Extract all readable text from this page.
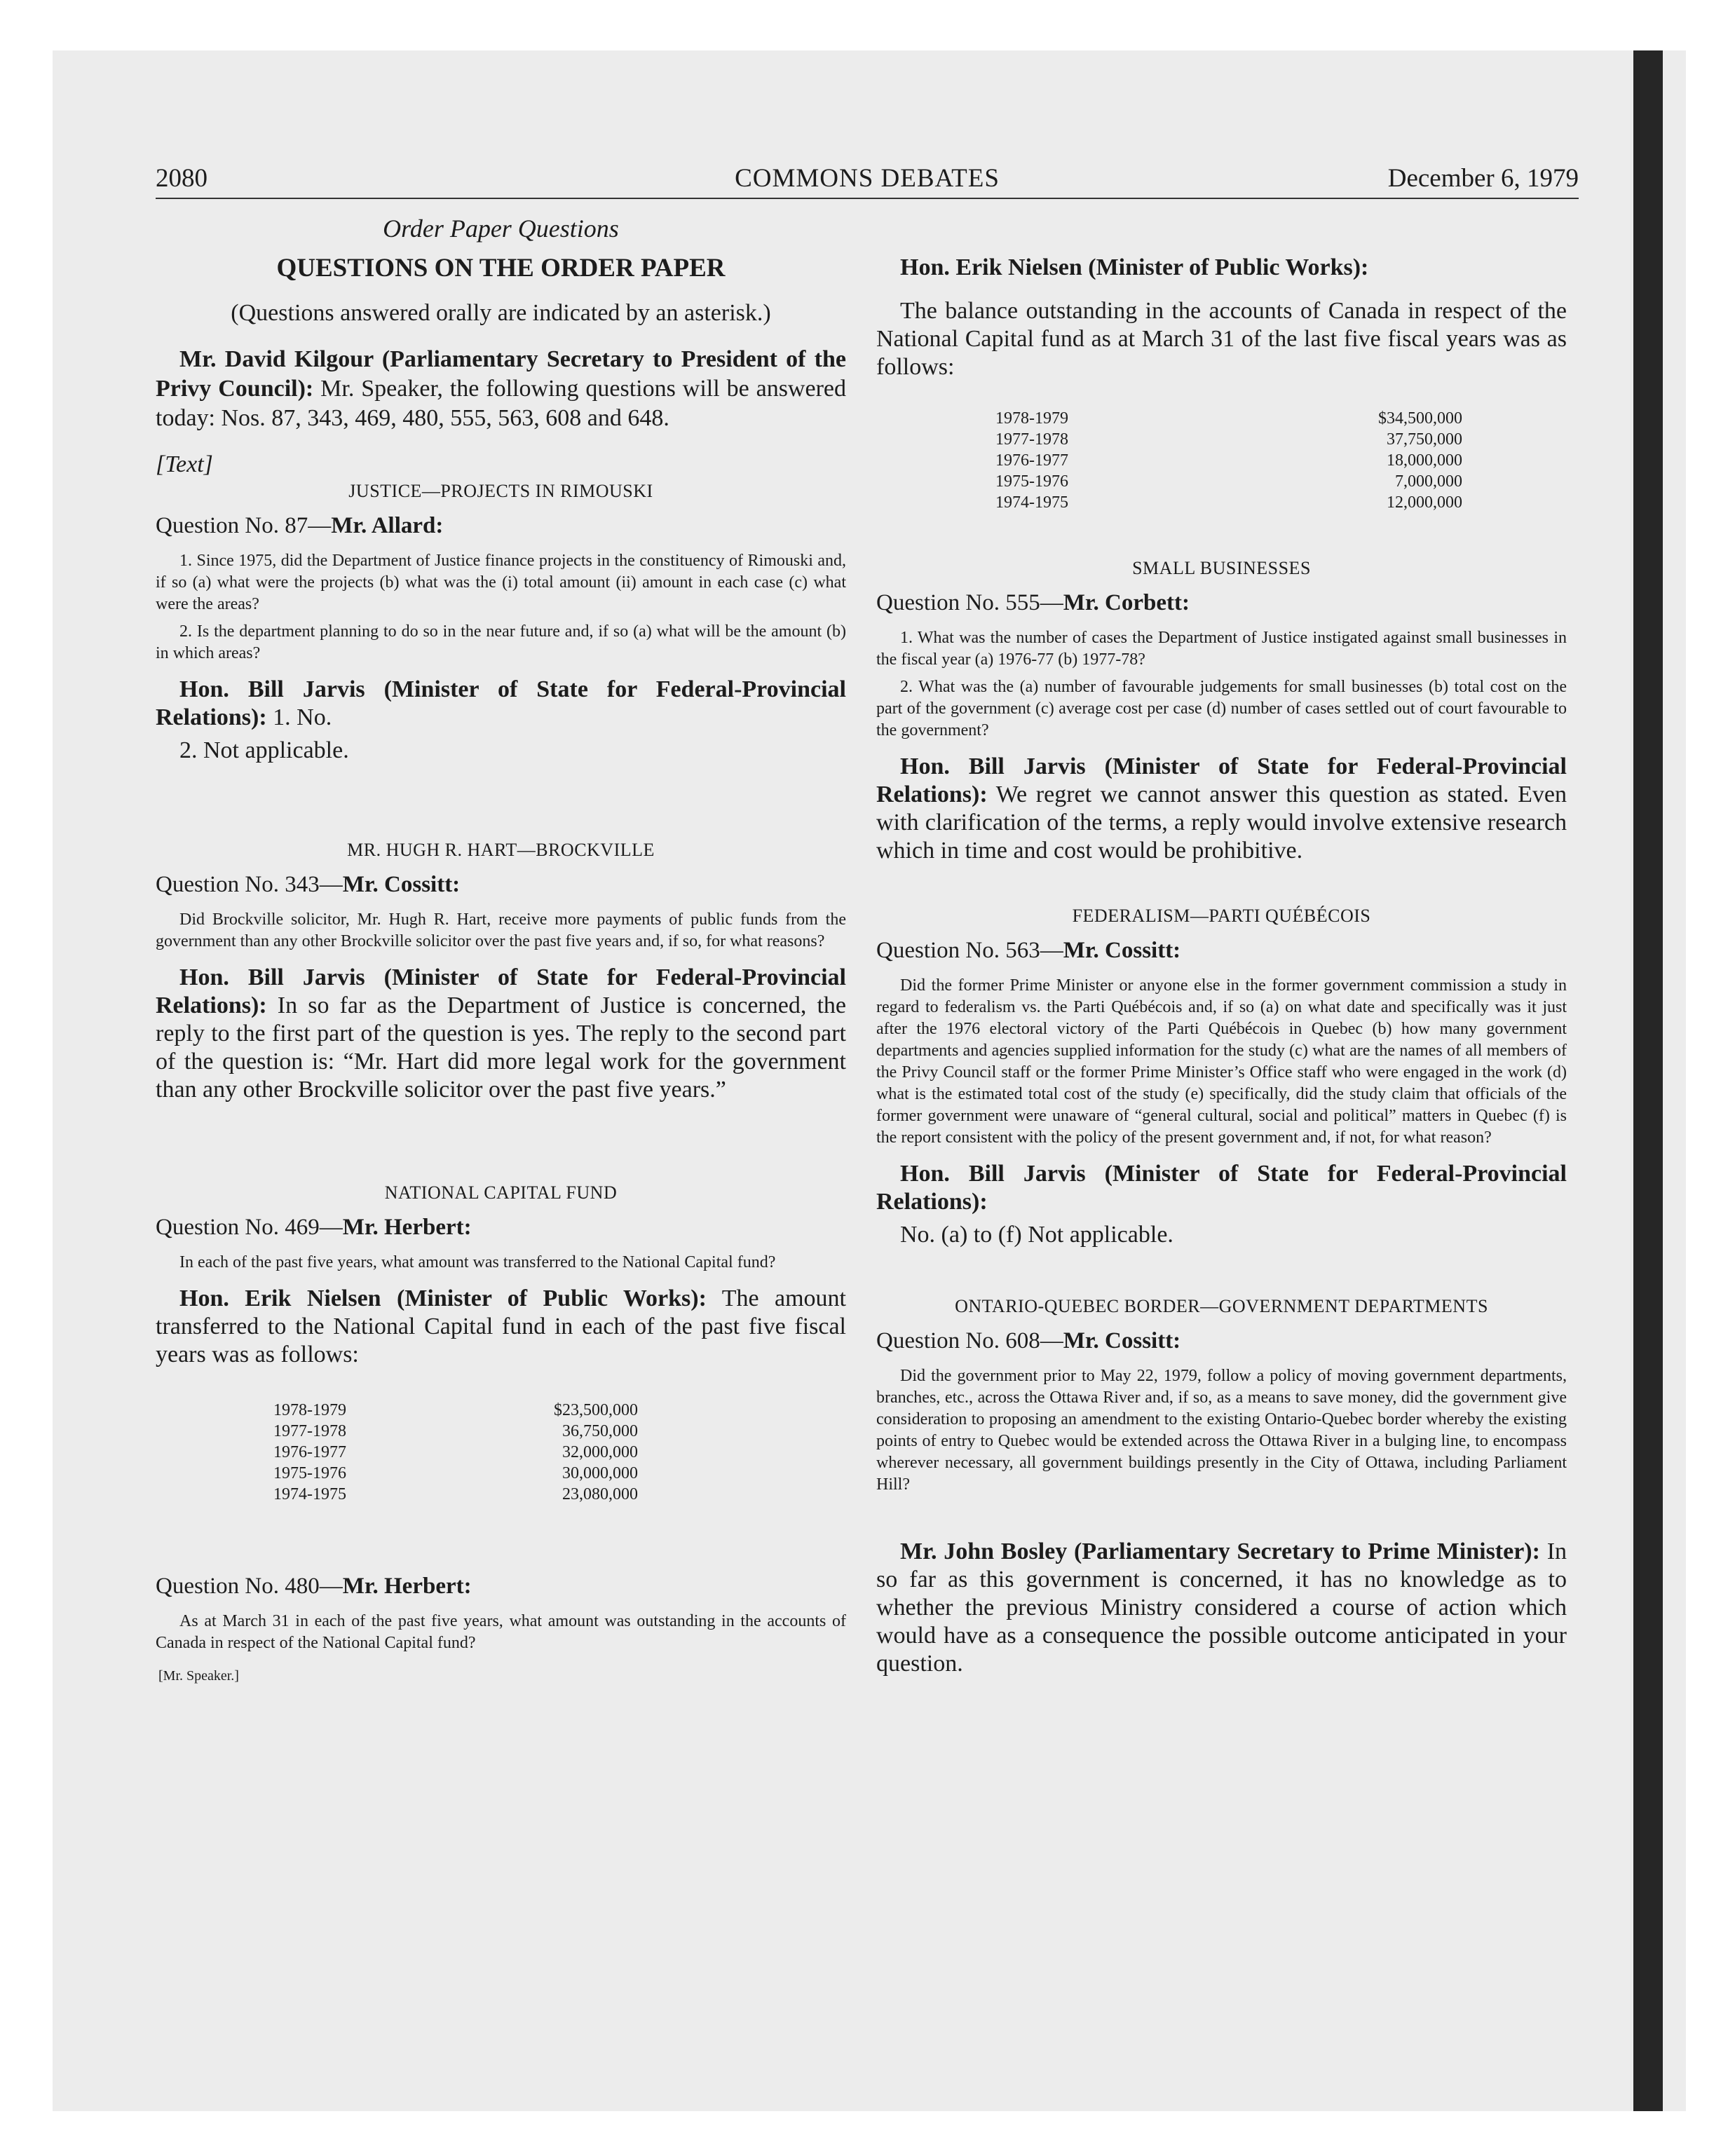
2080	COMMONS DEBATES	December 6, 1979
Order Paper Questions
QUESTIONS ON THE ORDER PAPER
(Questions answered orally are indicated by an asterisk.)

Mr. David Kilgour (Parliamentary Secretary to President of the Privy Council): Mr. Speaker, the following questions will be answered today: Nos. 87, 343, 469, 480, 555, 563, 608 and 648.

[Text]
JUSTICE—PROJECTS IN RIMOUSKI
Question No. 87—Mr. Allard:

1. Since 1975, did the Department of Justice finance projects in the constituency of Rimouski and, if so (a) what were the projects (b) what was the (i) total amount (ii) amount in each case (c) what were the areas?

2. Is the department planning to do so in the near future and, if so (a) what will be the amount (b) in which areas?

Hon. Bill Jarvis (Minister of State for Federal-Provincial Relations): 1. No.

2. Not applicable.
MR. HUGH R. HART—BROCKVILLE
Question No. 343—Mr. Cossitt:

Did Brockville solicitor, Mr. Hugh R. Hart, receive more payments of public funds from the government than any other Brockville solicitor over the past five years and, if so, for what reasons?

Hon. Bill Jarvis (Minister of State for Federal-Provincial Relations): In so far as the Department of Justice is concerned, the reply to the first part of the question is yes. The reply to the second part of the question is: “Mr. Hart did more legal work for the government than any other Brockville solicitor over the past five years.”

NATIONAL CAPITAL FUND
Question No. 469—Mr. Herbert:

In each of the past five years, what amount was transferred to the National Capital fund?

Hon. Erik Nielsen (Minister of Public Works): The amount transferred to the National Capital fund in each of the past five fiscal years was as follows:

1978-1979	$23,500,000
1977-1978	36,750,000
1976-1977	32,000,000
1975-1976	30,000,000
1974-1975	23,080,000
Question No. 480—Mr. Herbert:

As at March 31 in each of the past five years, what amount was outstanding in the accounts of Canada in respect of the National Capital fund?

[Mr. Speaker.]

Hon. Erik Nielsen (Minister of Public Works):

The balance outstanding in the accounts of Canada in respect of the National Capital fund as at March 31 of the last five fiscal years was as follows:

1978-1979	$34,500,000
1977-1978	37,750,000
1976-1977	18,000,000
1975-1976	7,000,000
1974-1975	12,000,000
SMALL BUSINESSES
Question No. 555—Mr. Corbett:

1. What was the number of cases the Department of Justice instigated against small businesses in the fiscal year (a) 1976-77 (b) 1977-78?

2. What was the (a) number of favourable judgements for small businesses (b) total cost on the part of the government (c) average cost per case (d) number of cases settled out of court favourable to the government?

Hon. Bill Jarvis (Minister of State for Federal-Provincial Relations): We regret we cannot answer this question as stated. Even with clarification of the terms, a reply would involve extensive research which in time and cost would be prohibitive.

FEDERALISM—PARTI QUÉBÉCOIS
Question No. 563—Mr. Cossitt:

Did the former Prime Minister or anyone else in the former government commission a study in regard to federalism vs. the Parti Québécois and, if so (a) on what date and specifically was it just after the 1976 electoral victory of the Parti Québécois in Quebec (b) how many government departments and agencies supplied information for the study (c) what are the names of all members of the Privy Council staff or the former Prime Minister’s Office staff who were engaged in the work (d) what is the estimated total cost of the study (e) specifically, did the study claim that officials of the former government were unaware of “general cultural, social and political” matters in Quebec (f) is the report consistent with the policy of the present government and, if not, for what reason?

Hon. Bill Jarvis (Minister of State for Federal-Provincial Relations):

No. (a) to (f) Not applicable.
ONTARIO-QUEBEC BORDER—GOVERNMENT DEPARTMENTS
Question No. 608—Mr. Cossitt:

Did the government prior to May 22, 1979, follow a policy of moving government departments, branches, etc., across the Ottawa River and, if so, as a means to save money, did the government give consideration to proposing an amendment to the existing Ontario-Quebec border whereby the existing points of entry to Quebec would be extended across the Ottawa River in a bulging line, to encompass wherever necessary, all government buildings presently in the City of Ottawa, including Parliament Hill?

Mr. John Bosley (Parliamentary Secretary to Prime Minister): In so far as this government is concerned, it has no knowledge as to whether the previous Ministry considered a course of action which would have as a consequence the possible outcome anticipated in your question.
